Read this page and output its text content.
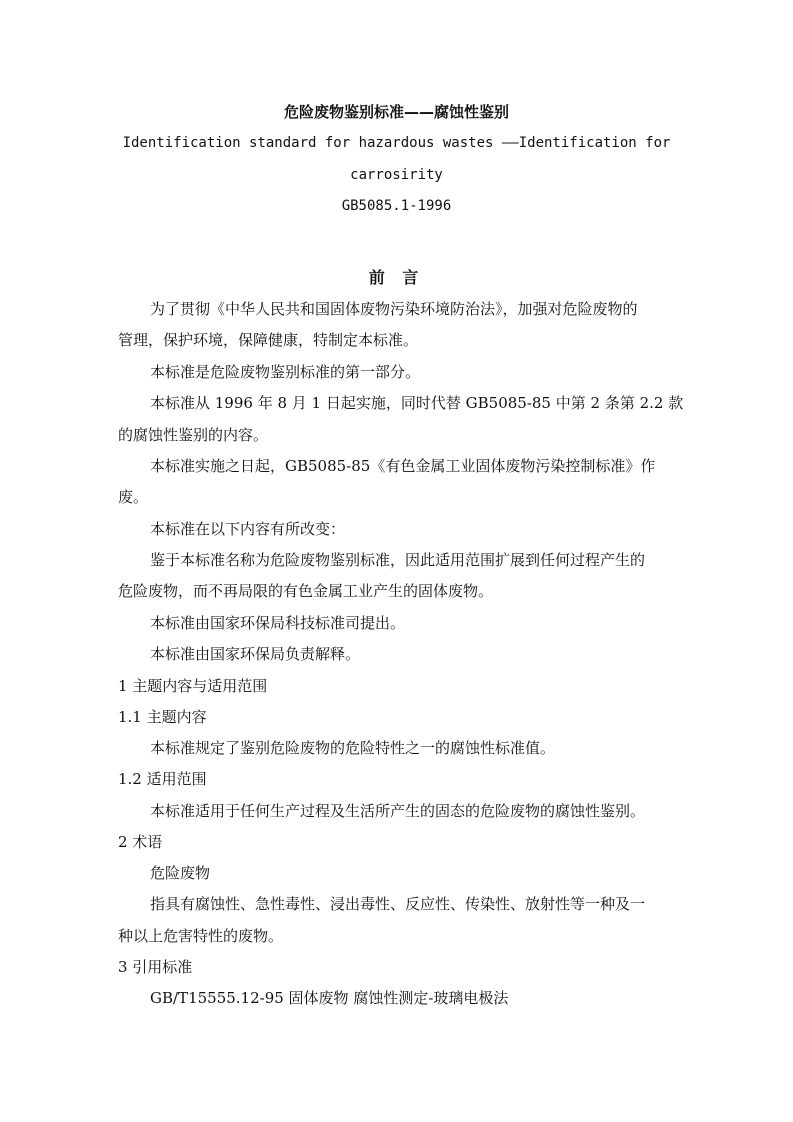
危险废物鉴别标准——腐蚀性鉴别
Identification standard for hazardous wastes ——Identification for
carrosirity
GB5085.1-1996
前 言
为了贯彻《中华人民共和国固体废物污染环境防治法》，加强对危险废物的
管理，保护环境，保障健康，特制定本标准。
本标准是危险废物鉴别标准的第一部分。
本标准从 1996 年 8 月 1 日起实施，同时代替 GB5085-85 中第 2 条第 2.2 款
的腐蚀性鉴别的内容。
本标准实施之日起，GB5085-85《有色金属工业固体废物污染控制标准》作
废。
本标准在以下内容有所改变：
鉴于本标准名称为危险废物鉴别标准，因此适用范围扩展到任何过程产生的
危险废物，而不再局限的有色金属工业产生的固体废物。
本标准由国家环保局科技标准司提出。
本标准由国家环保局负责解释。
1 主题内容与适用范围
1.1 主题内容
本标准规定了鉴别危险废物的危险特性之一的腐蚀性标准值。
1.2 适用范围
本标准适用于任何生产过程及生活所产生的固态的危险废物的腐蚀性鉴别。
2 术语
危险废物
指具有腐蚀性、急性毒性、浸出毒性、反应性、传染性、放射性等一种及一
种以上危害特性的废物。
3 引用标准
GB/T15555.12-95 固体废物 腐蚀性测定-玻璃电极法
